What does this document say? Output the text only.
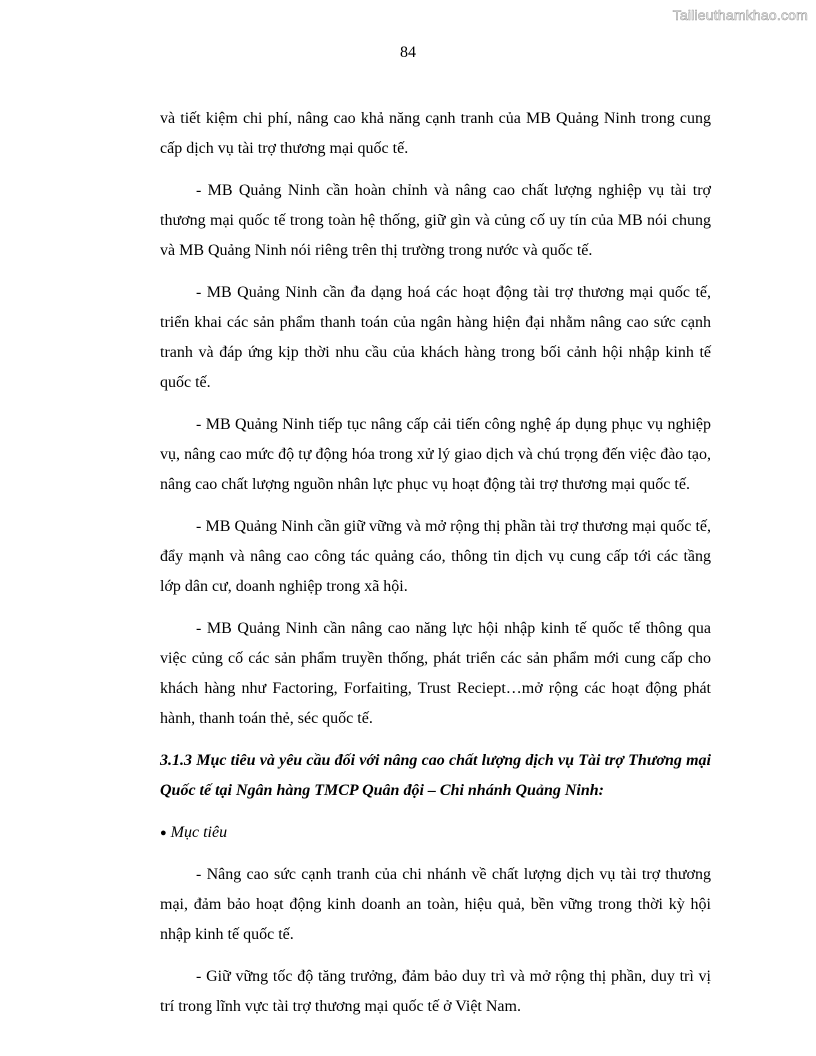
Tailieuthamkhao.com
84

và tiết kiệm chi phí, nâng cao khả năng cạnh tranh của MB Quảng Ninh trong cung cấp dịch vụ tài trợ thương mại quốc tế.

- MB Quảng Ninh cần hoàn chỉnh và nâng cao chất lượng nghiệp vụ tài trợ thương mại quốc tế trong toàn hệ thống, giữ gìn và củng cố uy tín của MB nói chung và MB Quảng Ninh nói riêng trên thị trường trong nước và quốc tế.

- MB Quảng Ninh cần đa dạng hoá các hoạt động tài trợ thương mại quốc tế, triển khai các sản phẩm thanh toán của ngân hàng hiện đại nhằm nâng cao sức cạnh tranh và đáp ứng kịp thời nhu cầu của khách hàng trong bối cảnh hội nhập kinh tế quốc tế.

- MB Quảng Ninh tiếp tục nâng cấp cải tiến công nghệ áp dụng phục vụ nghiệp vụ, nâng cao mức độ tự động hóa trong xử lý giao dịch và chú trọng đến việc đào tạo, nâng cao chất lượng nguồn nhân lực phục vụ hoạt động tài trợ thương mại quốc tế.

- MB Quảng Ninh cần giữ vững và mở rộng thị phần tài trợ thương mại quốc tế, đẩy mạnh và nâng cao công tác quảng cáo, thông tin dịch vụ cung cấp tới các tầng lớp dân cư, doanh nghiệp trong xã hội.

- MB Quảng Ninh cần nâng cao năng lực hội nhập kinh tế quốc tế thông qua việc củng cố các sản phẩm truyền thống, phát triển các sản phẩm mới cung cấp cho khách hàng như Factoring, Forfaiting, Trust Reciept…mở rộng các hoạt động phát hành, thanh toán thẻ, séc quốc tế.

3.1.3 Mục tiêu và yêu cầu đối với nâng cao chất lượng dịch vụ Tài trợ Thương mại Quốc tế tại Ngân hàng TMCP Quân đội – Chi nhánh Quảng Ninh:

● Mục tiêu

- Nâng cao sức cạnh tranh của chi nhánh về chất lượng dịch vụ tài trợ thương mại, đảm bảo hoạt động kinh doanh an toàn, hiệu quả, bền vững trong thời kỳ hội nhập kinh tế quốc tế.

- Giữ vững tốc độ tăng trưởng, đảm bảo duy trì và mở rộng thị phần, duy trì vị trí trong lĩnh vực tài trợ thương mại quốc tế ở Việt Nam.
